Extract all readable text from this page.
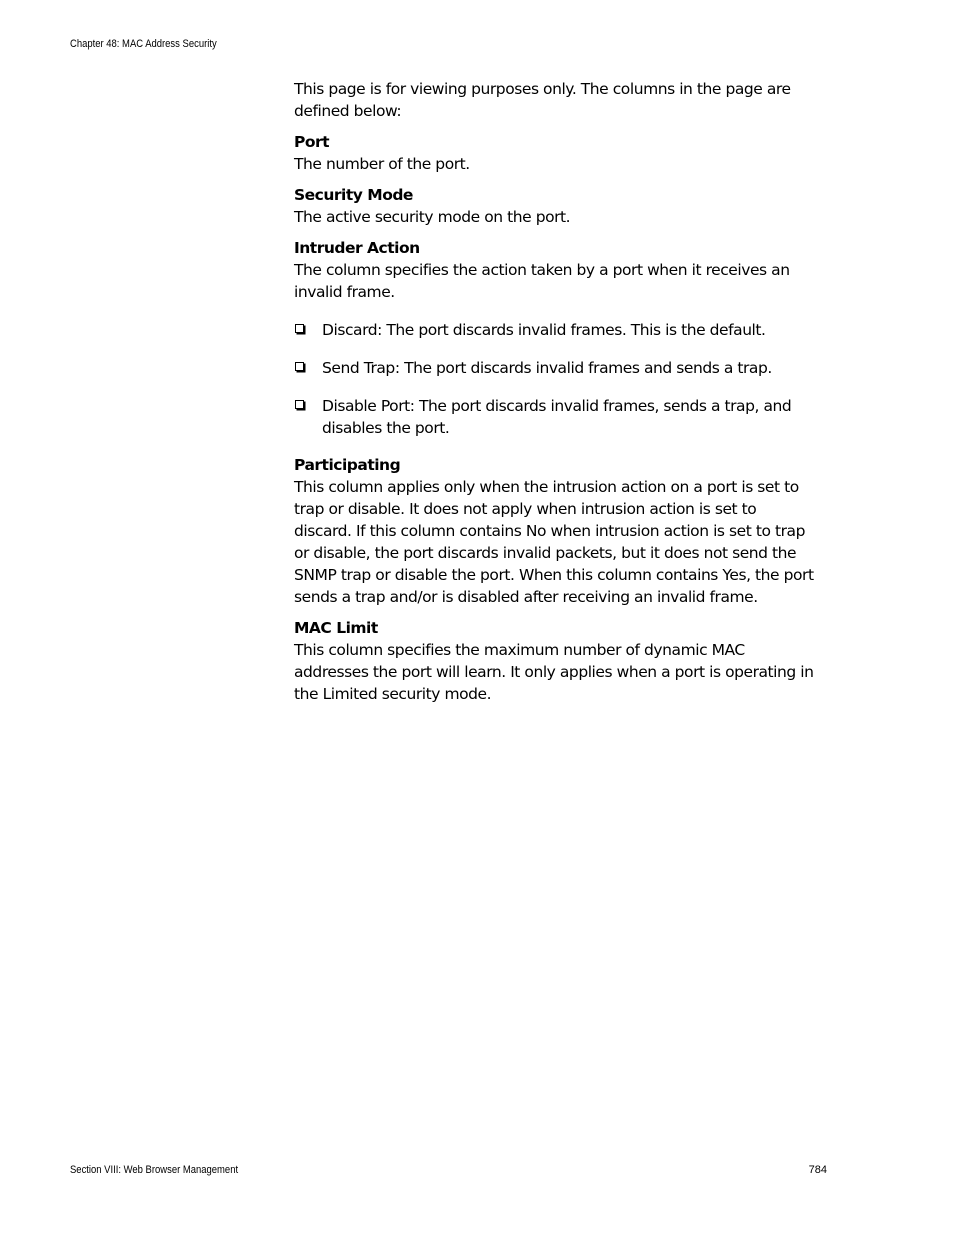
Chapter 48: MAC Address Security

This page is for viewing purposes only. The columns in the page are defined below:

Port

The number of the port.

Security Mode

The active security mode on the port.

Intruder Action

The column specifies the action taken by a port when it receives an invalid frame.

Discard: The port discards invalid frames. This is the default.
Send Trap: The port discards invalid frames and sends a trap.
Disable Port: The port discards invalid frames, sends a trap, and disables the port.

Participating

This column applies only when the intrusion action on a port is set to trap or disable. It does not apply when intrusion action is set to discard. If this column contains No when intrusion action is set to trap or disable, the port discards invalid packets, but it does not send the SNMP trap or disable the port. When this column contains Yes, the port sends a trap and/or is disabled after receiving an invalid frame.

MAC Limit

This column specifies the maximum number of dynamic MAC addresses the port will learn. It only applies when a port is operating in the Limited security mode.

Section VIII: Web Browser Management	784
